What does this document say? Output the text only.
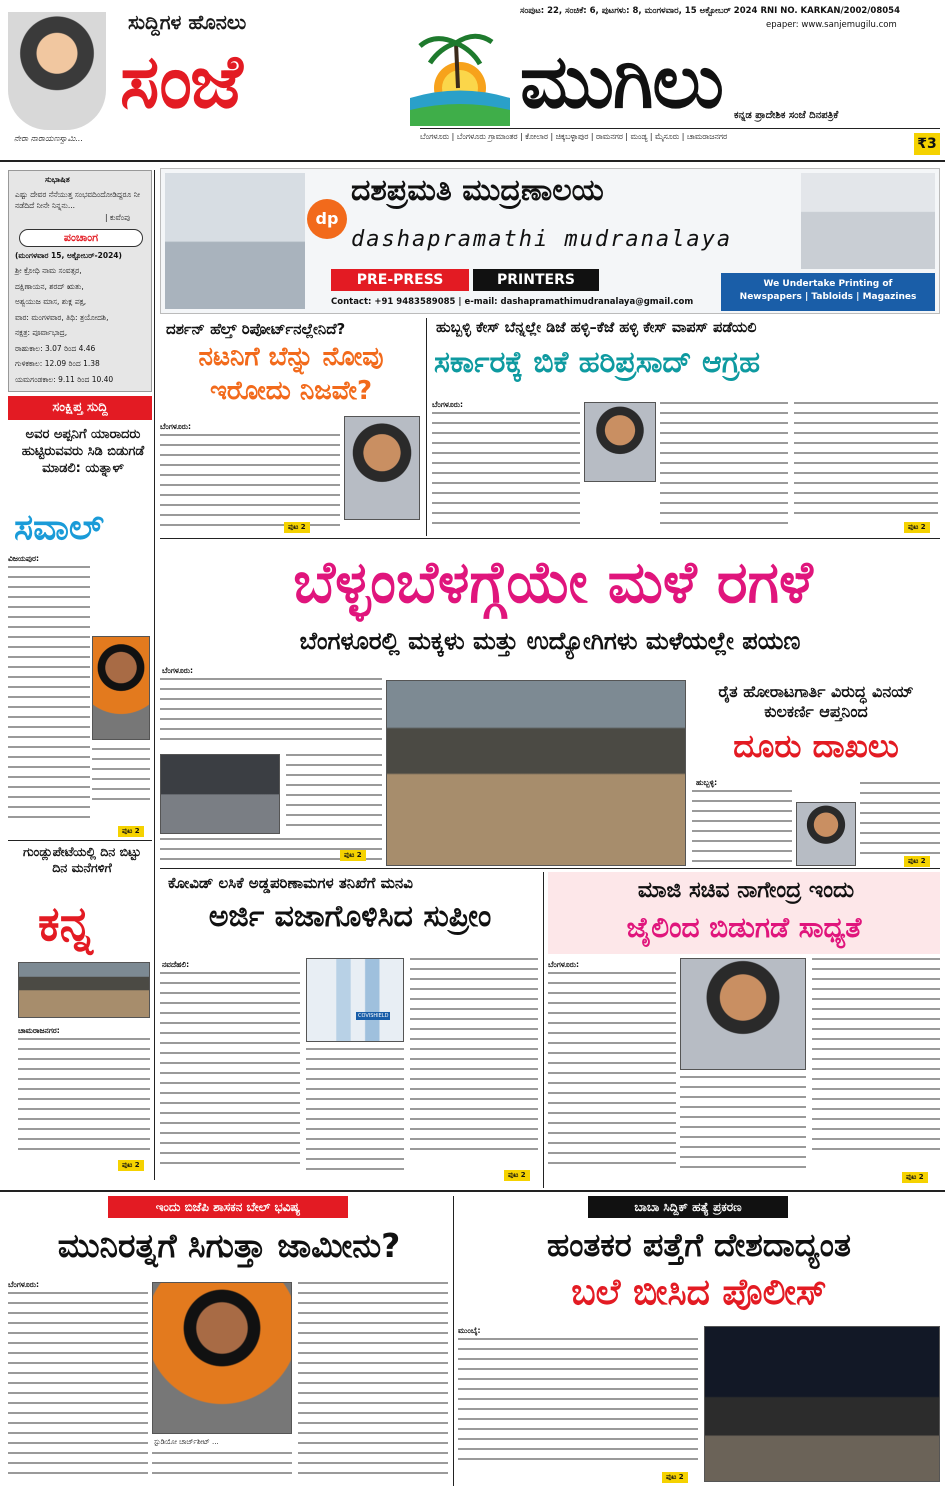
ನೇರಾ ನಾರಾಯಣಸ್ವಾಮಿ...
ಸುದ್ದಿಗಳ ಹೊನಲು
ಸಂಜೆ	ಮುಗಿಲು
ಸಂಪುಟ: 22, ಸಂಚಿಕೆ: 6, ಪುಟಗಳು: 8, ಮಂಗಳವಾರ, 15 ಅಕ್ಟೋಬರ್ 2024 RNI NO. KARKAN/2002/08054
epaper: www.sanjemugilu.com
ಕನ್ನಡ ಪ್ರಾದೇಶಿಕ ಸಂಜೆ ದಿನಪತ್ರಿಕೆ
ಬೆಂಗಳೂರು | ಬೆಂಗಳೂರು ಗ್ರಾಮಾಂತರ | ಕೋಲಾರ | ಚಿಕ್ಕಬಳ್ಳಾಪುರ | ರಾಮನಗರ | ಮಂಡ್ಯ | ಮೈಸೂರು | ಚಾಮರಾಜನಗರ	₹3
ಸುಭಾಷಿತ
ಎಷ್ಟು ದೇವರ ನೆನೆಯುತ್ತ ಸಂಭವದಿಂದೋಡಿದ್ದರೂ ನೀ ನಡೆದಿದೆ ನೀನೇ ನಿನ್ನನು...
| ಕುವೆಂಪು
ಪಂಚಾಂಗ
(ಮಂಗಳವಾರ 15, ಅಕ್ಟೋಬರ್-2024)
ಶ್ರೀ ಕ್ರೋಧಿ ನಾಮ ಸಂವತ್ಸರ,
ದಕ್ಷಿಣಾಯನ, ಶರದ್ ಋತು,
ಅಶ್ವಯುಜ ಮಾಸ, ಶುಕ್ಲ ಪಕ್ಷ,
ವಾರ: ಮಂಗಳವಾರ, ತಿಥಿ: ತ್ರಯೋದಶಿ,
ನಕ್ಷತ್ರ: ಪೂರ್ವಾಭಾದ್ರ,
ರಾಹುಕಾಲ: 3.07 ರಿಂದ 4.46
ಗುಳಿಕಕಾಲ: 12.09 ರಿಂದ 1.38
ಯಮಗಂಡಕಾಲ: 9.11 ರಿಂದ 10.40
ಸಂಕ್ಷಿಪ್ತ ಸುದ್ದಿ
ಅವರ ಅಪ್ಪನಿಗೆ ಯಾರಾದರು ಹುಟ್ಟಿರುವವರು ಸಿಡಿ ಬಿಡುಗಡೆ ಮಾಡಲಿ: ಯತ್ನಾಳ್
ಸವಾಲ್
ವಿಜಯಪುರ:
ಪುಟ 2
ಗುಂಡ್ಲುಪೇಟೆಯಲ್ಲಿ ದಿನ ಬಿಟ್ಟು ದಿನ ಮನೆಗಳಿಗೆ
ಕನ್ನ
ಚಾಮರಾಜನಗರ:
ಪುಟ 2
dp
ದಶಪ್ರಮತಿ ಮುದ್ರಣಾಲಯ
dashapramathi mudranalaya
PRE-PRESS	PRINTERS
Contact: +91 9483589085 | e-mail: dashapramathimudranalaya@gmail.com
We Undertake Printing of
Newspapers | Tabloids | Magazines
ದರ್ಶನ್ ಹೆಲ್ತ್ ರಿಪೋರ್ಟ್‌ನಲ್ಲೇನಿದೆ?
ನಟನಿಗೆ ಬೆನ್ನು ನೋವು ಇರೋದು ನಿಜವೇ?
ಬೆಂಗಳೂರು:
ಪುಟ 2
ಹುಬ್ಬಳ್ಳಿ ಕೇಸ್ ಬೆನ್ನಲ್ಲೇ ಡಿಜೆ ಹಳ್ಳಿ–ಕೆಜೆ ಹಳ್ಳಿ ಕೇಸ್ ವಾಪಸ್ ಪಡೆಯಲಿ
ಸರ್ಕಾರಕ್ಕೆ ಬಿಕೆ ಹರಿಪ್ರಸಾದ್ ಆಗ್ರಹ
ಬೆಂಗಳೂರು:
ಪುಟ 2
ಬೆಳ್ಳಂಬೆಳಗ್ಗೆಯೇ ಮಳೆ ರಗಳೆ
ಬೆಂಗಳೂರಲ್ಲಿ ಮಕ್ಕಳು ಮತ್ತು ಉದ್ಯೋಗಿಗಳು ಮಳೆಯಲ್ಲೇ ಪಯಣ
ಬೆಂಗಳೂರು:
ಪುಟ 2
ರೈತ ಹೋರಾಟಗಾರ್ತಿ ವಿರುದ್ಧ ವಿನಯ್ ಕುಲಕರ್ಣಿ ಆಪ್ತನಿಂದ
ದೂರು ದಾಖಲು
ಹುಬ್ಬಳ್ಳಿ:
ಪುಟ 2
ಕೋವಿಡ್ ಲಸಿಕೆ ಅಡ್ಡಪರಿಣಾಮಗಳ ತನಿಖೆಗೆ ಮನವಿ
ಅರ್ಜಿ ವಜಾಗೊಳಿಸಿದ ಸುಪ್ರೀಂ
ನವದೆಹಲಿ:
COVISHIELD
ಪುಟ 2
ಮಾಜಿ ಸಚಿವ ನಾಗೇಂದ್ರ ಇಂದು
ಜೈಲಿಂದ ಬಿಡುಗಡೆ ಸಾಧ್ಯತೆ
ಬೆಂಗಳೂರು:
ಪುಟ 2
ಇಂದು ಬಿಜೆಪಿ ಶಾಸಕನ ಬೇಲ್ ಭವಿಷ್ಯ
ಮುನಿರತ್ನಗೆ ಸಿಗುತ್ತಾ ಜಾಮೀನು?
ಬೆಂಗಳೂರು:
ಸ್ಟುಡಿಯೋ ಚಾರ್ಜ್‌ಶೀಟ್ ...
ಬಾಬಾ ಸಿದ್ದಿಕ್ ಹತ್ಯೆ ಪ್ರಕರಣ
ಹಂತಕರ ಪತ್ತೆಗೆ ದೇಶದಾದ್ಯಂತ
ಬಲೆ ಬೀಸಿದ ಪೊಲೀಸ್
ಮುಂಬೈ:
ಪುಟ 2
